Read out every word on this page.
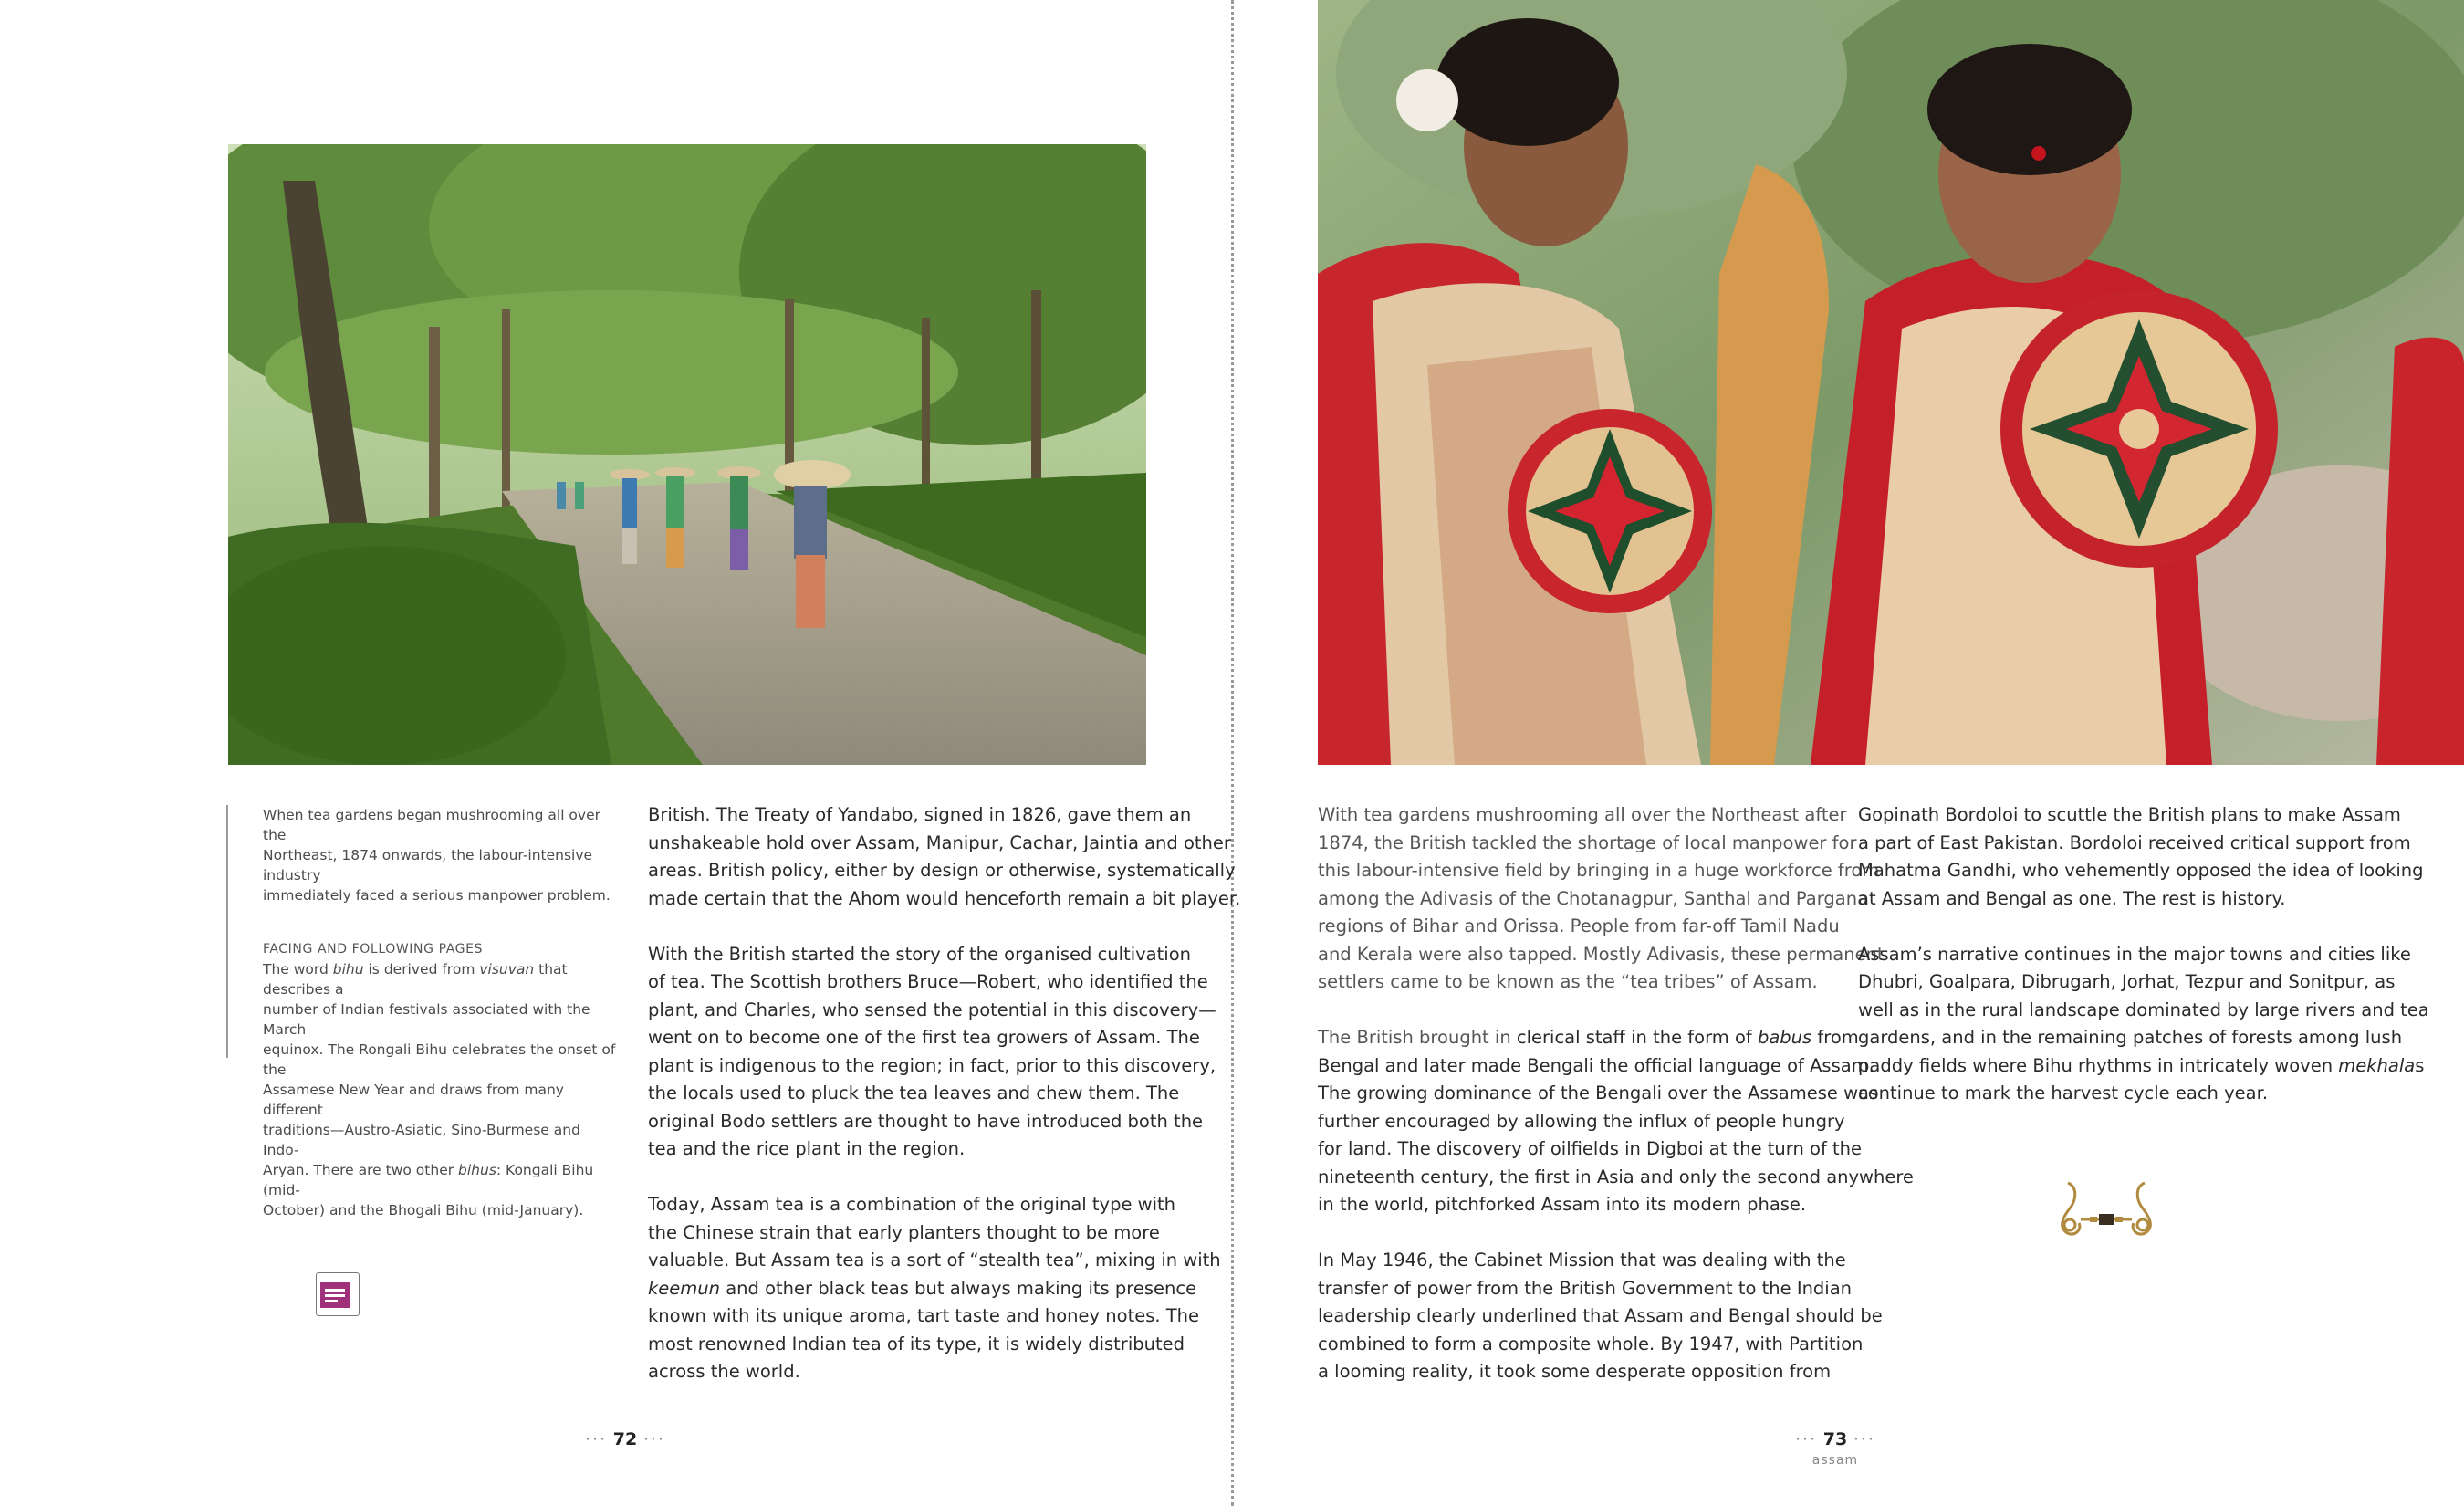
When tea gardens began mushrooming all over the
Northeast, 1874 onwards, the labour-intensive industry
immediately faced a serious manpower problem.

FACING AND FOLLOWING PAGES

The word bihu is derived from visuvan that describes a
number of Indian festivals associated with the March
equinox. The Rongali Bihu celebrates the onset of the
Assamese New Year and draws from many different
traditions—Austro-Asiatic, Sino-Burmese and Indo-
Aryan. There are two other bihus: Kongali Bihu (mid-
October) and the Bhogali Bihu (mid-January).

British. The Treaty of Yandabo, signed in 1826, gave them an
unshakeable hold over Assam, Manipur, Cachar, Jaintia and other
areas. British policy, either by design or otherwise, systematically
made certain that the Ahom would henceforth remain a bit player.

With the British started the story of the organised cultivation
of tea. The Scottish brothers Bruce—Robert, who identified the
plant, and Charles, who sensed the potential in this discovery—
went on to become one of the first tea growers of Assam. The
plant is indigenous to the region; in fact, prior to this discovery,
the locals used to pluck the tea leaves and chew them. The
original Bodo settlers are thought to have introduced both the
tea and the rice plant in the region.

Today, Assam tea is a combination of the original type with
the Chinese strain that early planters thought to be more
valuable. But Assam tea is a sort of “stealth tea”, mixing in with
keemun and other black teas but always making its presence
known with its unique aroma, tart taste and honey notes. The
most renowned Indian tea of its type, it is widely distributed
across the world.

With tea gardens mushrooming all over the Northeast after
1874, the British tackled the shortage of local manpower for
this labour-intensive field by bringing in a huge workforce from
among the Adivasis of the Chotanagpur, Santhal and Pargana
regions of Bihar and Orissa. People from far-off Tamil Nadu
and Kerala were also tapped. Mostly Adivasis, these permanent
settlers came to be known as the “tea tribes” of Assam.

The British brought in clerical staff in the form of babus from
Bengal and later made Bengali the official language of Assam.
The growing dominance of the Bengali over the Assamese was
further encouraged by allowing the influx of people hungry
for land. The discovery of oilfields in Digboi at the turn of the
nineteenth century, the first in Asia and only the second anywhere
in the world, pitchforked Assam into its modern phase.

In May 1946, the Cabinet Mission that was dealing with the
transfer of power from the British Government to the Indian
leadership clearly underlined that Assam and Bengal should be
combined to form a composite whole. By 1947, with Partition
a looming reality, it took some desperate opposition from

Gopinath Bordoloi to scuttle the British plans to make Assam
a part of East Pakistan. Bordoloi received critical support from
Mahatma Gandhi, who vehemently opposed the idea of looking
at Assam and Bengal as one. The rest is history.

Assam’s narrative continues in the major towns and cities like
Dhubri, Goalpara, Dibrugarh, Jorhat, Tezpur and Sonitpur, as
well as in the rural landscape dominated by large rivers and tea
gardens, and in the remaining patches of forests among lush
paddy fields where Bihu rhythms in intricately woven mekhalas
continue to mark the harvest cycle each year.

··· 72 ···	··· 73 ···
assam
